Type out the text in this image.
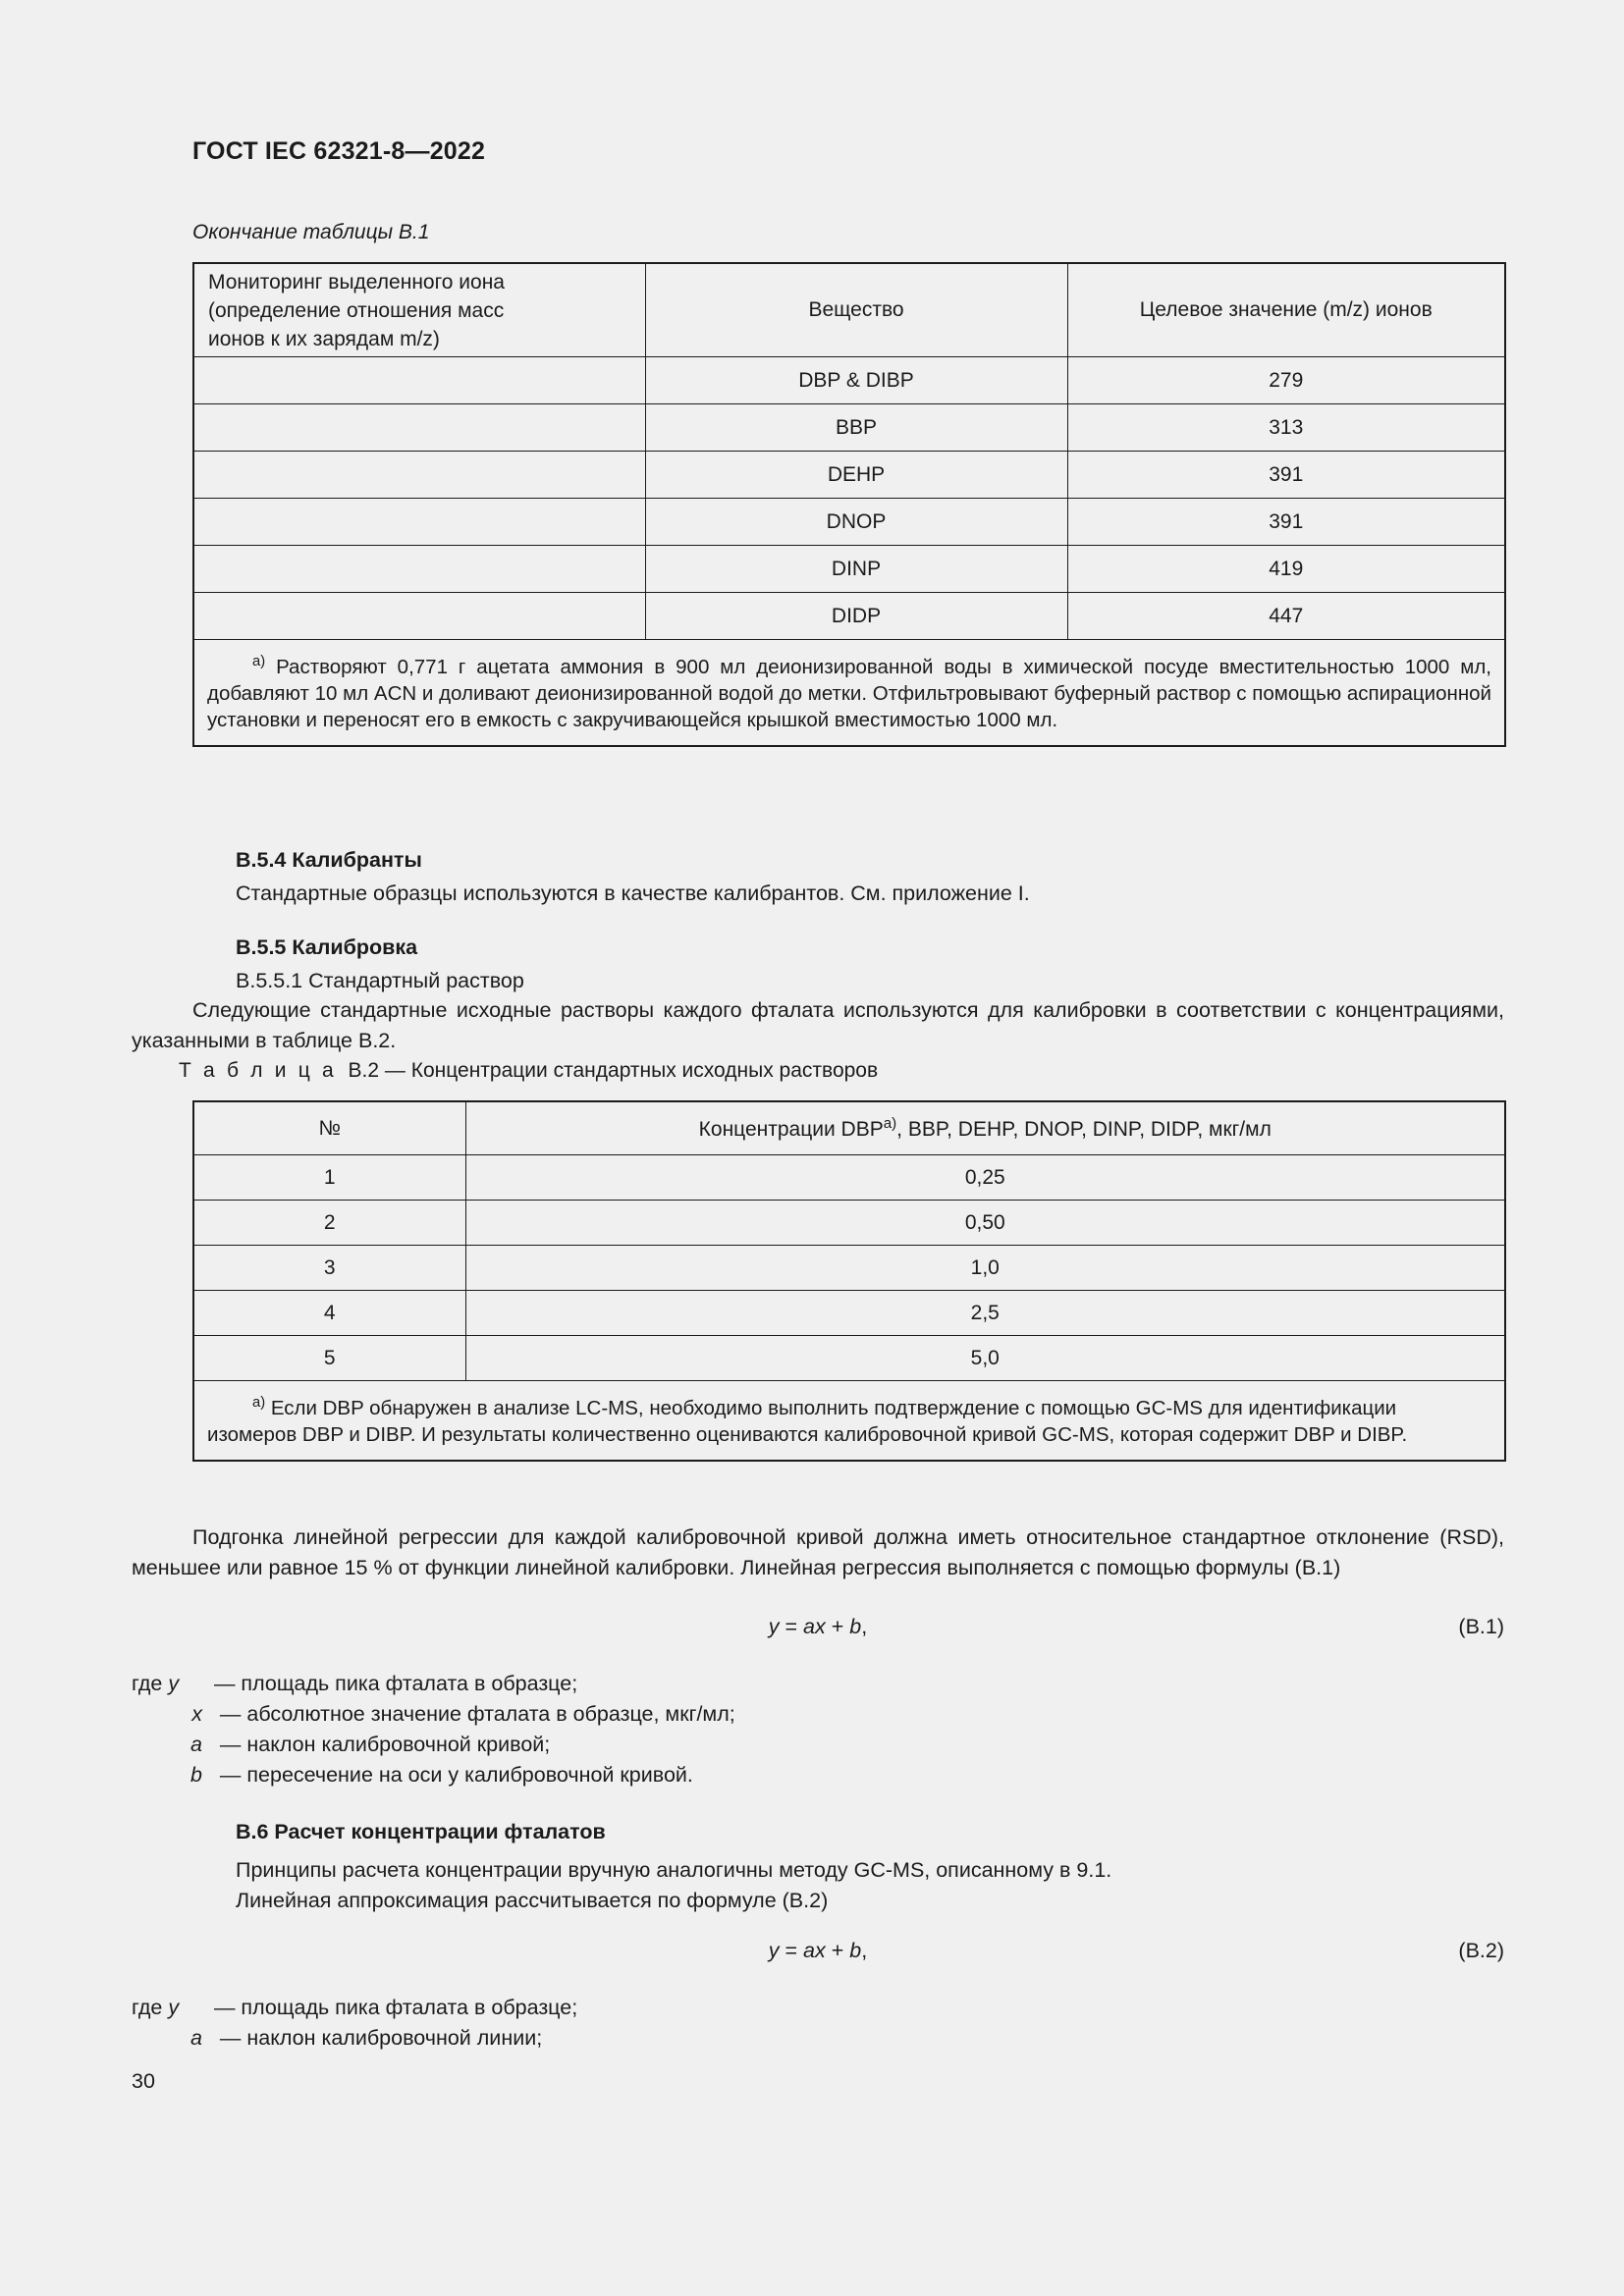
ГОСТ IEC 62321-8—2022
Окончание таблицы В.1
Мониторинг выделенного иона
(определение отношения масс
ионов к их зарядам m/z)	Вещество	Целевое значение (m/z) ионов
	DBP & DIBP	279
	BBP	313
	DEHP	391
	DNOP	391
	DINP	419
	DIDP	447
$^{a)}$ Растворяют 0,771 г ацетата аммония в 900 мл деионизированной воды в химической посуде вместительностью 1000 мл, добавляют 10 мл ACN и доливают деионизированной водой до метки. Отфильтровывают буферный раствор с помощью аспирационной установки и переносят его в емкость с закручивающейся крышкой вместимостью 1000 мл.		
В.5.4 Калибранты
Стандартные образцы используются в качестве калибрантов. См. приложение I.
В.5.5 Калибровка
В.5.5.1 Стандартный раствор
Следующие стандартные исходные растворы каждого фталата используются для калибровки в соответствии с концентрациями, указанными в таблице В.2.
Т а б л и ц а В.2 — Концентрации стандартных исходных растворов
№	Концентрации DBP$^{a)}$, BBP, DEHP, DNOP, DINP, DIDP, мкг/мл
1	0,25
2	0,50
3	1,0
4	2,5
5	5,0
$^{a)}$ Если DBP обнаружен в анализе LC-MS, необходимо выполнить подтверждение с помощью GC-MS для идентификации изомеров DBP и DIBP. И результаты количественно оцениваются калибровочной кривой GC-MS, которая содержит DBP и DIBP.	
Подгонка линейной регрессии для каждой калибровочной кривой должна иметь относительное стандартное отклонение (RSD), меньшее или равное 15 % от функции линейной калибровки. Линейная регрессия выполняется с помощью формулы (В.1)
y = ax + b,	(В.1)
где y — площадь пика фталата в образце;
x — абсолютное значение фталата в образце, мкг/мл;
a — наклон калибровочной кривой;
b — пересечение на оси y калибровочной кривой.
В.6 Расчет концентрации фталатов
Принципы расчета концентрации вручную аналогичны методу GC-MS, описанному в 9.1.
Линейная аппроксимация рассчитывается по формуле (В.2)
y = ax + b,	(В.2)
где y — площадь пика фталата в образце;
a — наклон калибровочной линии;
30
